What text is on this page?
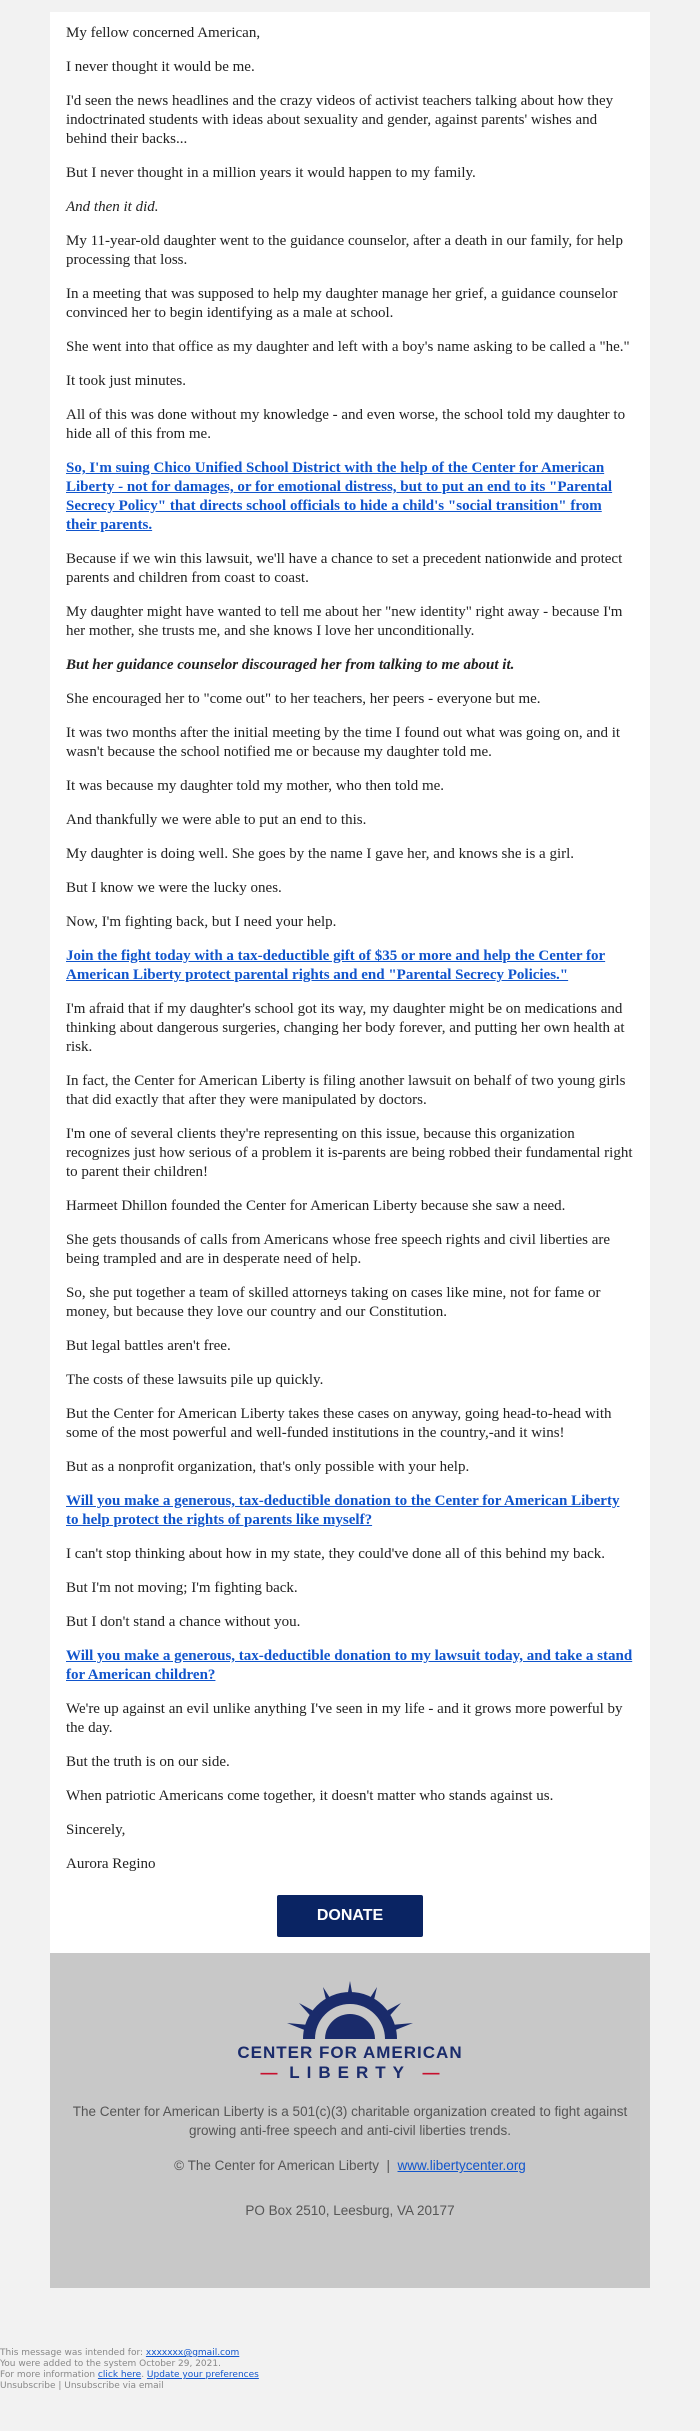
My fellow concerned American,

I never thought it would be me.

I'd seen the news headlines and the crazy videos of activist teachers talking about how they indoctrinated students with ideas about sexuality and gender, against parents' wishes and behind their backs...

But I never thought in a million years it would happen to my family.

And then it did.

My 11-year-old daughter went to the guidance counselor, after a death in our family, for help processing that loss.

In a meeting that was supposed to help my daughter manage her grief, a guidance counselor convinced her to begin identifying as a male at school.

She went into that office as my daughter and left with a boy's name asking to be called a "he."

It took just minutes.

All of this was done without my knowledge - and even worse, the school told my daughter to hide all of this from me.

So, I'm suing Chico Unified School District with the help of the Center for American Liberty - not for damages, or for emotional distress, but to put an end to its "Parental Secrecy Policy" that directs school officials to hide a child's "social transition" from their parents.

Because if we win this lawsuit, we'll have a chance to set a precedent nationwide and protect parents and children from coast to coast.

My daughter might have wanted to tell me about her "new identity" right away - because I'm her mother, she trusts me, and she knows I love her unconditionally.

But her guidance counselor discouraged her from talking to me about it.

She encouraged her to "come out" to her teachers, her peers - everyone but me.

It was two months after the initial meeting by the time I found out what was going on, and it wasn't because the school notified me or because my daughter told me.

It was because my daughter told my mother, who then told me.

And thankfully we were able to put an end to this.

My daughter is doing well. She goes by the name I gave her, and knows she is a girl.

But I know we were the lucky ones.

Now, I'm fighting back, but I need your help.

Join the fight today with a tax-deductible gift of $35 or more and help the Center for American Liberty protect parental rights and end "Parental Secrecy Policies."

I'm afraid that if my daughter's school got its way, my daughter might be on medications and thinking about dangerous surgeries, changing her body forever, and putting her own health at risk.

In fact, the Center for American Liberty is filing another lawsuit on behalf of two young girls that did exactly that after they were manipulated by doctors.

I'm one of several clients they're representing on this issue, because this organization recognizes just how serious of a problem it is-parents are being robbed their fundamental right to parent their children!

Harmeet Dhillon founded the Center for American Liberty because she saw a need.

She gets thousands of calls from Americans whose free speech rights and civil liberties are being trampled and are in desperate need of help.

So, she put together a team of skilled attorneys taking on cases like mine, not for fame or money, but because they love our country and our Constitution.

But legal battles aren't free.

The costs of these lawsuits pile up quickly.

But the Center for American Liberty takes these cases on anyway, going head-to-head with some of the most powerful and well-funded institutions in the country,-and it wins!

But as a nonprofit organization, that's only possible with your help.

Will you make a generous, tax-deductible donation to the Center for American Liberty to help protect the rights of parents like myself?

I can't stop thinking about how in my state, they could've done all of this behind my back.

But I'm not moving; I'm fighting back.

But I don't stand a chance without you.

Will you make a generous, tax-deductible donation to my lawsuit today, and take a stand for American children?

We're up against an evil unlike anything I've seen in my life - and it grows more powerful by the day.

But the truth is on our side.

When patriotic Americans come together, it doesn't matter who stands against us.

Sincerely,

Aurora Regino

DONATE
CENTER FOR AMERICAN
— LIBERTY —
The Center for American Liberty is a 501(c)(3) charitable organization created to fight against growing anti-free speech and anti-civil liberties trends.
© The Center for American Liberty | www.libertycenter.org
PO Box 2510, Leesburg, VA 20177
This message was intended for: xxxxxxx@gmail.com
You were added to the system October 29, 2021.
For more information click here. Update your preferences
Unsubscribe | Unsubscribe via email
